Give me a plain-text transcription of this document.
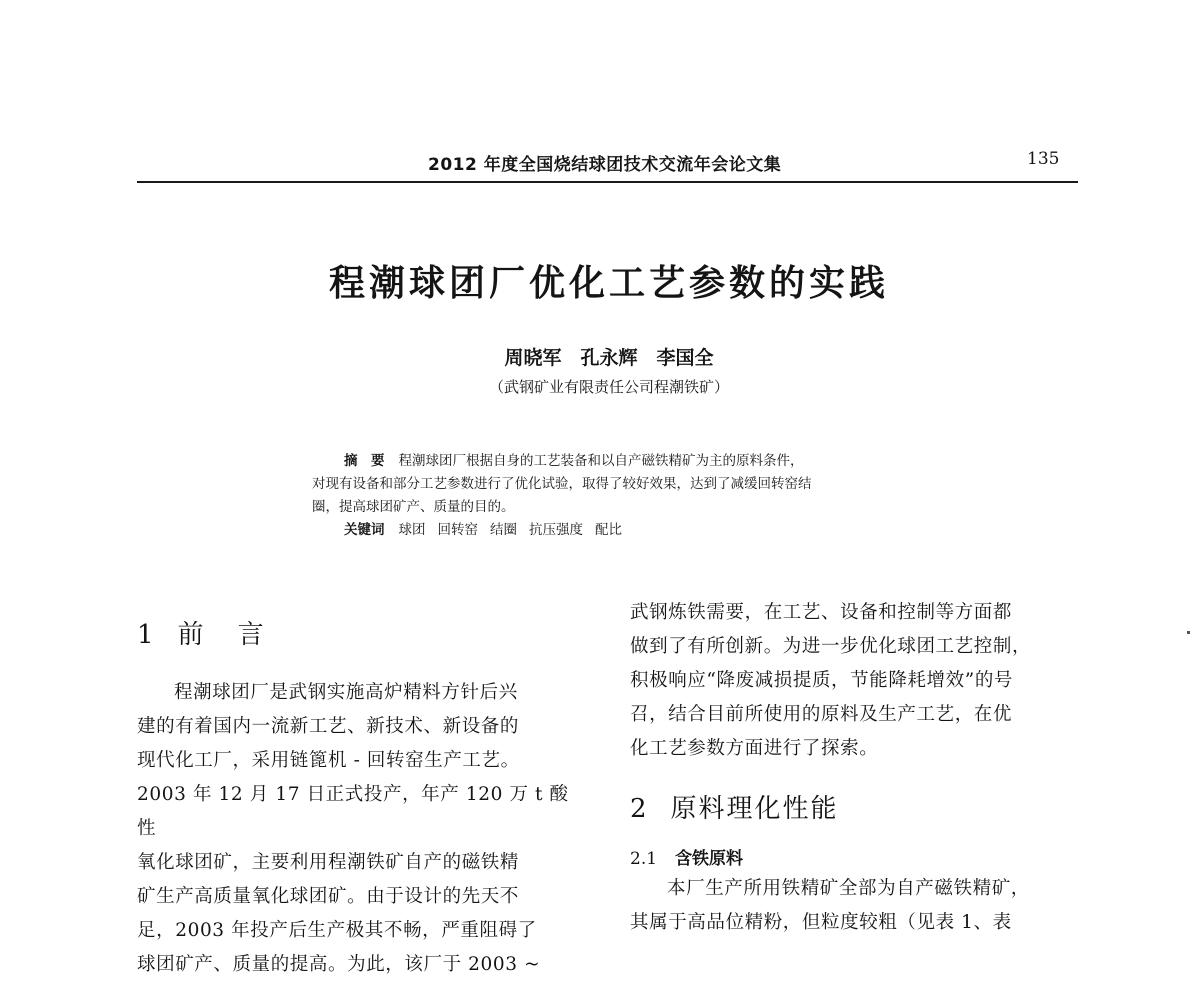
2012 年度全国烧结球团技术交流年会论文集	135
程潮球团厂优化工艺参数的实践
周晓军　孔永辉　李国全
（武钢矿业有限责任公司程潮铁矿）

摘　要 程潮球团厂根据自身的工艺装备和以自产磁铁精矿为主的原料条件，

对现有设备和部分工艺参数进行了优化试验，取得了较好效果，达到了减缓回转窑结

圈，提高球团矿产、质量的目的。

关键词 球团 回转窑 结圈 抗压强度 配比

1 前 言

程潮球团厂是武钢实施高炉精料方针后兴

建的有着国内一流新工艺、新技术、新设备的

现代化工厂，采用链篦机 - 回转窑生产工艺。

2003 年 12 月 17 日正式投产，年产 120 万 t 酸性

氧化球团矿，主要利用程潮铁矿自产的磁铁精

矿生产高质量氧化球团矿。由于设计的先天不

足，2003 年投产后生产极其不畅，严重阻碍了

球团矿产、质量的提高。为此，该厂于 2003 ~

武钢炼铁需要，在工艺、设备和控制等方面都

做到了有所创新。为进一步优化球团工艺控制，

积极响应“降废减损提质，节能降耗增效”的号

召，结合目前所使用的原料及生产工艺，在优

化工艺参数方面进行了探索。

2 原料理化性能
2.1 含铁原料

本厂生产所用铁精矿全部为自产磁铁精矿，

其属于高品位精粉，但粒度较粗（见表 1、表
